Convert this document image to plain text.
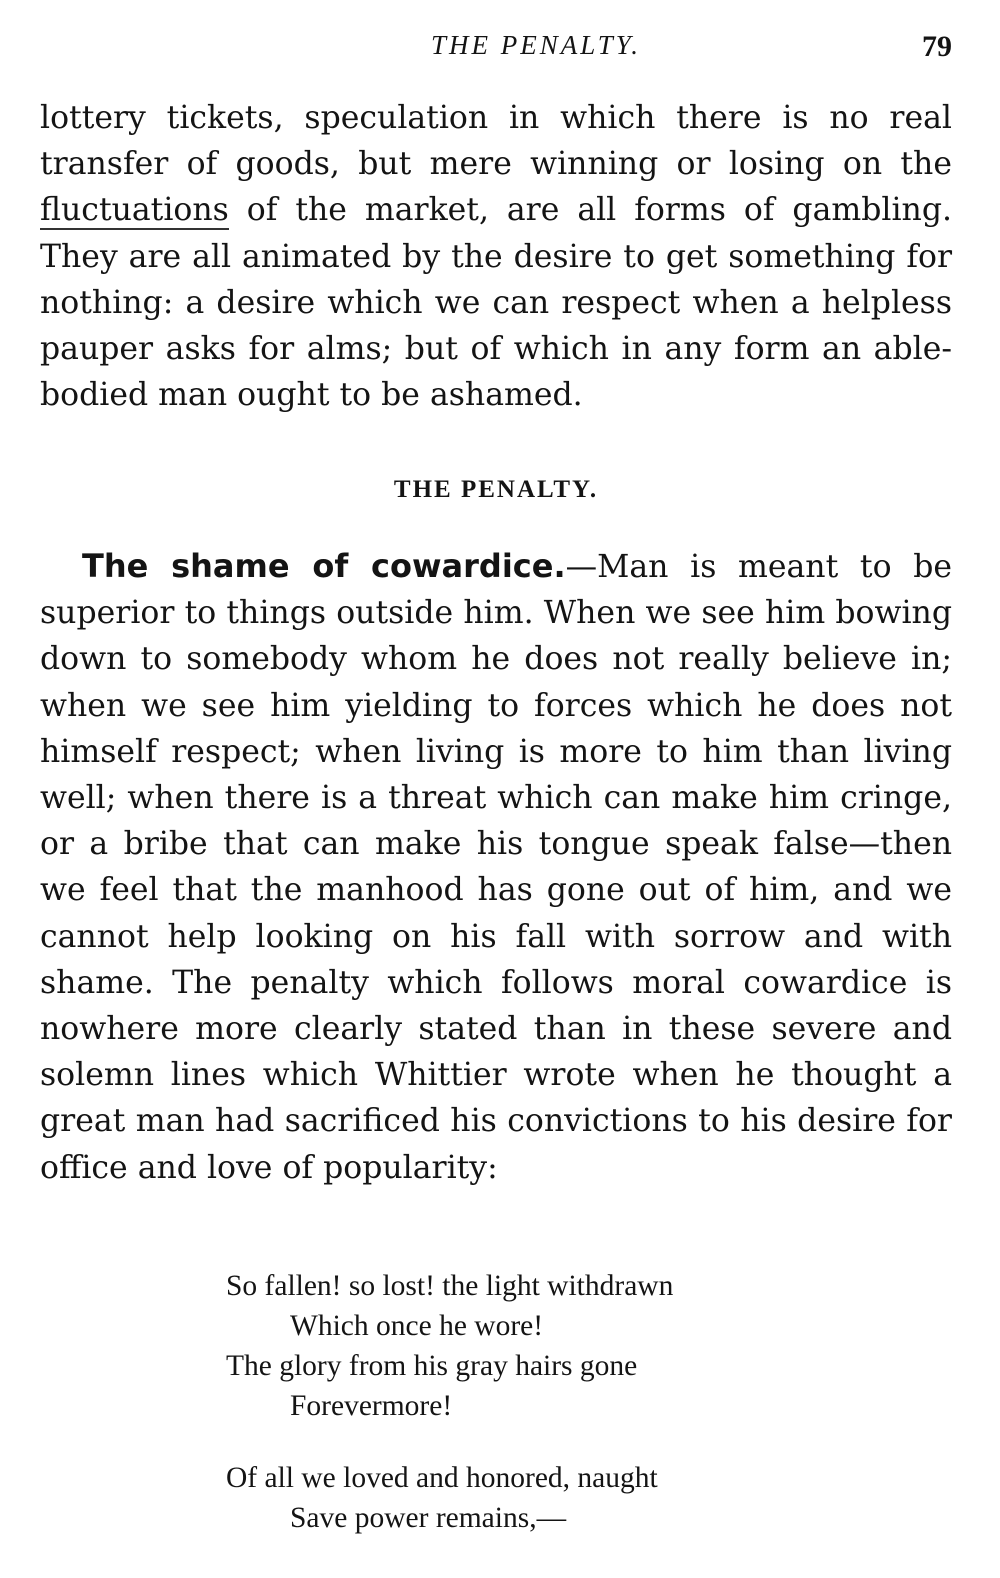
THE PENALTY.	79

lottery tickets, speculation in which there is no real transfer of goods, but mere winning or losing on the fluctuations of the market, are all forms of gambling. They are all animated by the desire to get something for nothing: a desire which we can respect when a helpless pauper asks for alms; but of which in any form an able-bodied man ought to be ashamed.

THE PENALTY.

The shame of cowardice.—Man is meant to be superior to things outside him. When we see him bowing down to somebody whom he does not really believe in; when we see him yielding to forces which he does not himself respect; when living is more to him than living well; when there is a threat which can make him cringe, or a bribe that can make his tongue speak false—then we feel that the manhood has gone out of him, and we cannot help looking on his fall with sorrow and with shame. The penalty which follows moral cowardice is nowhere more clearly stated than in these severe and solemn lines which Whittier wrote when he thought a great man had sacrificed his convictions to his desire for office and love of popularity:

So fallen! so lost! the light withdrawn
Which once he wore!
The glory from his gray hairs gone
Forevermore!
Of all we loved and honored, naught
Save power remains,—
